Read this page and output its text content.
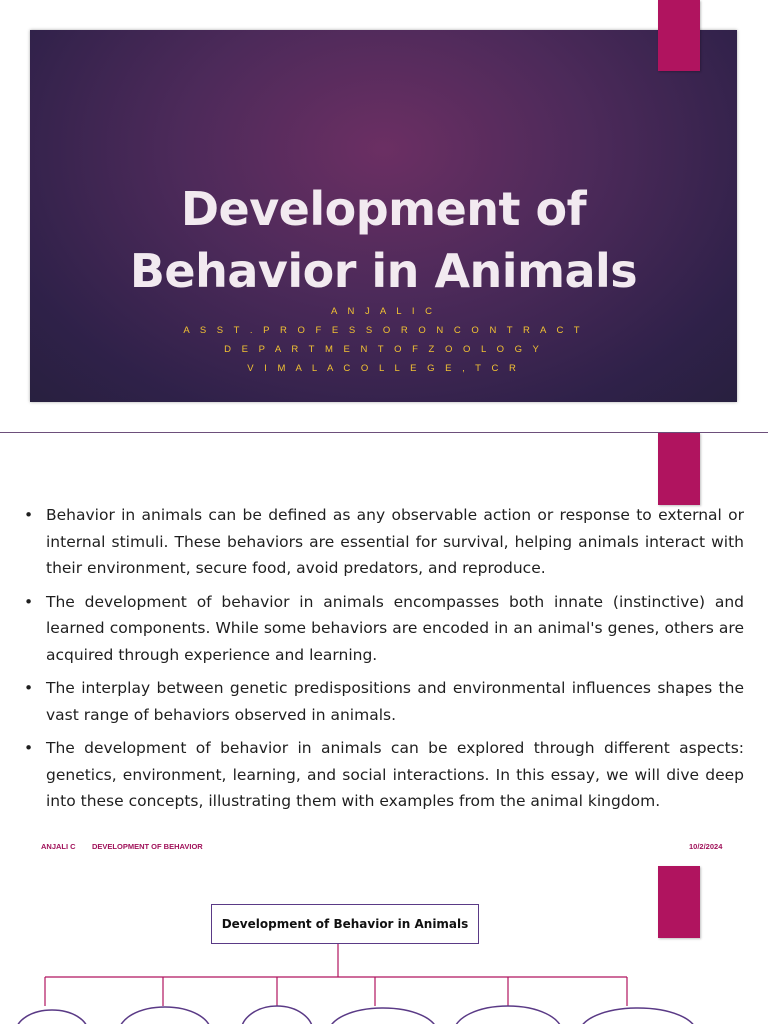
Development of
Behavior in Animals
A N J A L I C
A S S T . P R O F E S S O R O N C O N T R A C T
D E P A R T M E N T O F Z O O L O G Y
V I M A L A C O L L E G E , T C R
• Behavior in animals can be defined as any observable action or response to external or internal stimuli. These behaviors are essential for survival, helping animals interact with their environment, secure food, avoid predators, and reproduce.
• The development of behavior in animals encompasses both innate (instinctive) and learned components. While some behaviors are encoded in an animal's genes, others are acquired through experience and learning.
• The interplay between genetic predispositions and environmental influences shapes the vast range of behaviors observed in animals.
• The development of behavior in animals can be explored through different aspects: genetics, environment, learning, and social interactions. In this essay, we will dive deep into these concepts, illustrating them with examples from the animal kingdom.
ANJALI C DEVELOPMENT OF BEHAVIOR	10/2/2024
Development of Behavior in Animals
